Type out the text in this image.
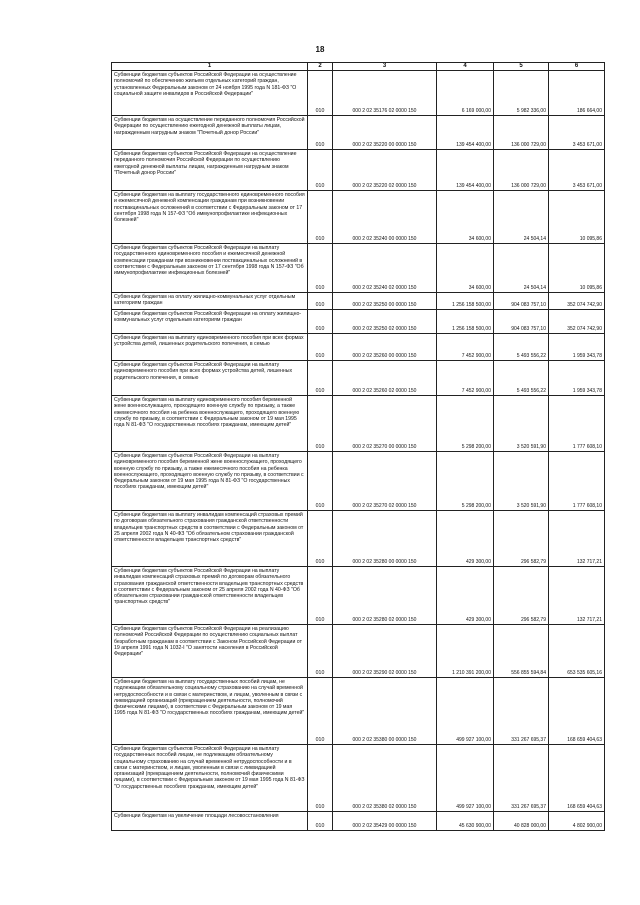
18
1	2	3	4	5	6
Субвенции бюджетам субъектов Российской Федерации на осуществление полномочий по обеспечению жильем отдельных категорий граждан, установленных Федеральным законом от 24 ноября 1995 года N 181-ФЗ "О социальной защите инвалидов в Российской Федерации"	010	000 2 02 35176 02 0000 150	6 169 000,00	5 982 336,00	186 664,00
Субвенции бюджетам на осуществление переданного полномочия Российской Федерации по осуществлению ежегодной денежной выплаты лицам, награжденным нагрудным знаком "Почетный донор России"	010	000 2 02 35220 00 0000 150	139 454 400,00	136 000 729,00	3 453 671,00
Субвенции бюджетам субъектов Российской Федерации на осуществление переданного полномочия Российской Федерации по осуществлению ежегодной денежной выплаты лицам, награжденным нагрудным знаком "Почетный донор России"	010	000 2 02 35220 02 0000 150	139 454 400,00	136 000 729,00	3 453 671,00
Субвенции бюджетам на выплату государственного единовременного пособия и ежемесячной денежной компенсации гражданам при возникновении поствакцинальных осложнений в соответствии с Федеральным законом от 17 сентября 1998 года N 157-ФЗ "Об иммунопрофилактике инфекционных болезней"	010	000 2 02 35240 00 0000 150	34 600,00	24 504,14	10 095,86
Субвенции бюджетам субъектов Российской Федерации на выплату государственного единовременного пособия и ежемесячной денежной компенсации гражданам при возникновении поствакцинальных осложнений в соответствии с Федеральным законом от 17 сентября 1998 года N 157-ФЗ "Об иммунопрофилактике инфекционных болезней"	010	000 2 02 35240 02 0000 150	34 600,00	24 504,14	10 095,86
Субвенции бюджетам на оплату жилищно-коммунальных услуг отдельным категориям граждан	010	000 2 02 35250 00 0000 150	1 256 158 500,00	904 083 757,10	352 074 742,90
Субвенции бюджетам субъектов Российской Федерации на оплату жилищно-коммунальных услуг отдельным категориям граждан	010	000 2 02 35250 02 0000 150	1 256 158 500,00	904 083 757,10	352 074 742,90
Субвенции бюджетам на выплату единовременного пособия при всех формах устройства детей, лишенных родительского попечения, в семью	010	000 2 02 35260 00 0000 150	7 452 900,00	5 493 556,22	1 959 343,78
Субвенции бюджетам субъектов Российской Федерации на выплату единовременного пособия при всех формах устройства детей, лишенных родительского попечения, в семью	010	000 2 02 35260 02 0000 150	7 452 900,00	5 493 556,22	1 959 343,78
Субвенции бюджетам на выплату единовременного пособия беременной жене военнослужащего, проходящего военную службу по призыву, а также ежемесячного пособия на ребенка военнослужащего, проходящего военную службу по призыву, в соответствии с Федеральным законом от 19 мая 1995 года N 81-ФЗ "О государственных пособиях гражданам, имеющим детей"	010	000 2 02 35270 00 0000 150	5 298 200,00	3 520 591,90	1 777 608,10
Субвенции бюджетам субъектов Российской Федерации на выплату единовременного пособия беременной жене военнослужащего, проходящего военную службу по призыву, а также ежемесячного пособия на ребенка военнослужащего, проходящего военную службу по призыву, в соответствии с Федеральным законом от 19 мая 1995 года N 81-ФЗ "О государственных пособиях гражданам, имеющим детей"	010	000 2 02 35270 02 0000 150	5 298 200,00	3 520 591,90	1 777 608,10
Субвенции бюджетам на выплату инвалидам компенсаций страховых премий по договорам обязательного страхования гражданской ответственности владельцев транспортных средств в соответствии с Федеральным законом от 25 апреля 2002 года N 40-ФЗ "Об обязательном страховании гражданской ответственности владельцев транспортных средств"	010	000 2 02 35280 00 0000 150	429 300,00	296 582,79	132 717,21
Субвенции бюджетам субъектов Российской Федерации на выплату инвалидам компенсаций страховых премий по договорам обязательного страхования гражданской ответственности владельцев транспортных средств в соответствии с Федеральным законом от 25 апреля 2002 года N 40-ФЗ "Об обязательном страховании гражданской ответственности владельцев транспортных средств"	010	000 2 02 35280 02 0000 150	429 300,00	296 582,79	132 717,21
Субвенции бюджетам субъектов Российской Федерации на реализацию полномочий Российской Федерации по осуществлению социальных выплат безработным гражданам в соответствии с Законом Российской Федерации от 19 апреля 1991 года N 1032-I "О занятости населения в Российской Федерации"	010	000 2 02 35290 02 0000 150	1 210 391 200,00	556 855 594,84	653 535 605,16
Субвенции бюджетам на выплату государственных пособий лицам, не подлежащим обязательному социальному страхованию на случай временной нетрудоспособности и в связи с материнством, и лицам, уволенным в связи с ликвидацией организаций (прекращением деятельности, полномочий физическими лицами), в соответствии с Федеральным законом от 19 мая 1995 года N 81-ФЗ "О государственных пособиях гражданам, имеющим детей"	010	000 2 02 35380 00 0000 150	499 927 100,00	331 267 695,37	168 659 404,63
Субвенции бюджетам субъектов Российской Федерации на выплату государственных пособий лицам, не подлежащим обязательному социальному страхованию на случай временной нетрудоспособности и в связи с материнством, и лицам, уволенным в связи с ликвидацией организаций (прекращением деятельности, полномочий физическими лицами), в соответствии с Федеральным законом от 19 мая 1995 года N 81-ФЗ "О государственных пособиях гражданам, имеющим детей"	010	000 2 02 35380 02 0000 150	499 927 100,00	331 267 695,37	168 659 404,63
Субвенции бюджетам на увеличение площади лесовосстановления	010	000 2 02 35429 00 0000 150	45 630 900,00	40 828 000,00	4 802 900,00
